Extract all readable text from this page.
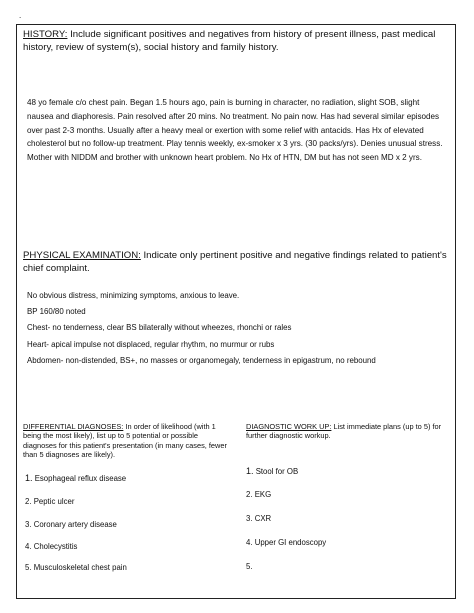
.

HISTORY: Include significant positives and negatives from history of present illness, past medical history, review of system(s), social history and family history.

48 yo female c/o chest pain. Began 1.5 hours ago, pain is burning in character, no radiation, slight SOB, slight nausea and diaphoresis. Pain resolved after 20 mins. No treatment. No pain now. Has had several similar episodes over past 2-3 months. Usually after a heavy meal or exertion with some relief with antacids. Has Hx of elevated cholesterol but no follow-up treatment. Play tennis weekly, ex-smoker x 3 yrs. (30 packs/yrs). Denies unusual stress. Mother with NIDDM and brother with unknown heart problem. No Hx of HTN, DM but has not seen MD x 2 yrs.

PHYSICAL EXAMINATION: Indicate only pertinent positive and negative findings related to patient's chief complaint.

No obvious distress, minimizing symptoms, anxious to leave.
BP 160/80 noted
Chest- no tenderness, clear BS bilaterally without wheezes, rhonchi or rales
Heart- apical impulse not displaced, regular rhythm, no murmur or rubs
Abdomen- non-distended, BS+, no masses or organomegaly, tenderness in epigastrum, no rebound

DIFFERENTIAL DIAGNOSES: In order of likelihood (with 1 being the most likely), list up to 5 potential or possible diagnoses for this patient's presentation (in many cases, fewer than 5 diagnoses are likely).

1. Esophageal reflux disease
2. Peptic ulcer
3. Coronary artery disease
4. Cholecystitis
5. Musculoskeletal chest pain

DIAGNOSTIC WORK UP: List immediate plans (up to 5) for further diagnostic workup.

1. Stool for OB
2. EKG
3. CXR
4. Upper GI endoscopy
5.
